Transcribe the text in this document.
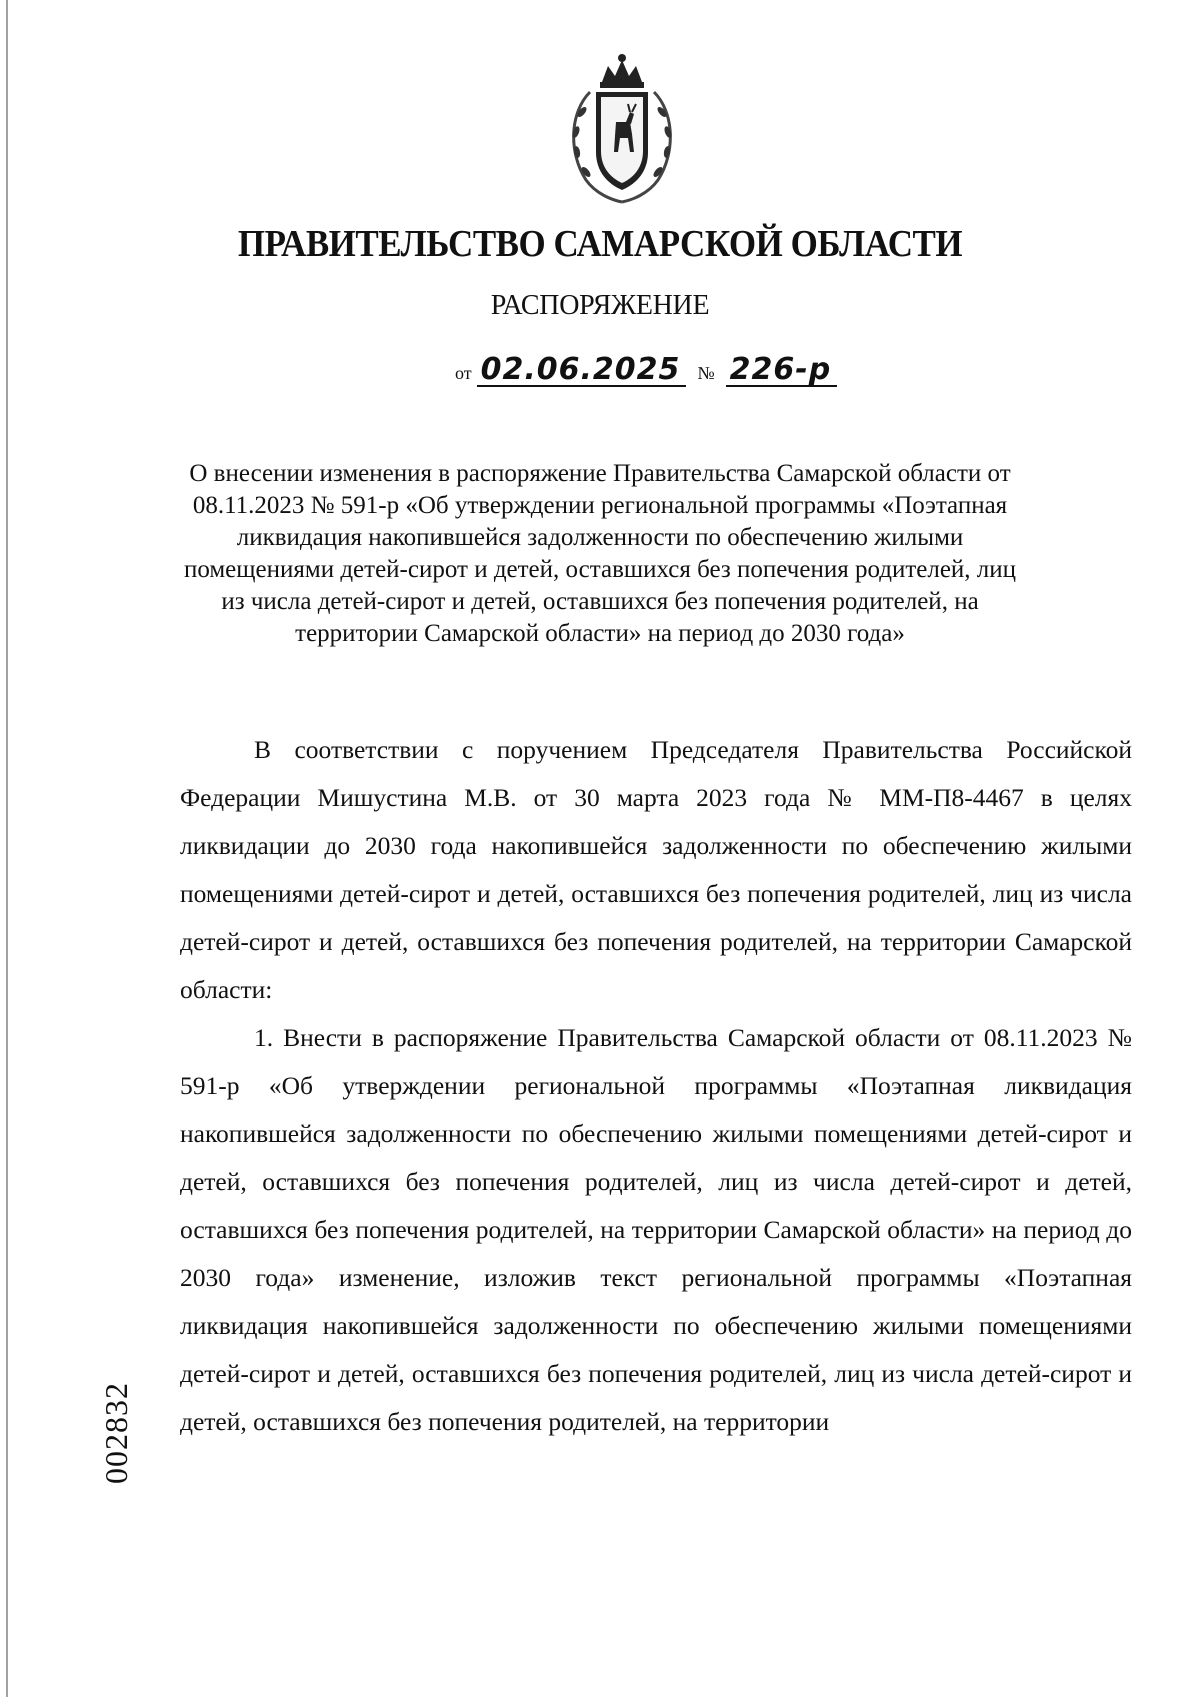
ПРАВИТЕЛЬСТВО САМАРСКОЙ ОБЛАСТИ
РАСПОРЯЖЕНИЕ
от 02.06.2025 № 226-р
О внесении изменения в распоряжение Правительства Самарской области от 08.11.2023 № 591-р «Об утверждении региональной программы «Поэтапная ликвидация накопившейся задолженности по обеспечению жилыми помещениями детей-сирот и детей, оставшихся без попечения родителей, лиц из числа детей-сирот и детей, оставшихся без попечения родителей, на территории Самарской области» на период до 2030 года»

В соответствии с поручением Председателя Правительства Российской Федерации Мишустина М.В. от 30 марта 2023 года № ММ-П8-4467 в целях ликвидации до 2030 года накопившейся задолженности по обеспечению жилыми помещениями детей-сирот и детей, оставшихся без попечения родителей, лиц из числа детей-сирот и детей, оставшихся без попечения родителей, на территории Самарской области:

1. Внести в распоряжение Правительства Самарской области от 08.11.2023 № 591-р «Об утверждении региональной программы «Поэтапная ликвидация накопившейся задолженности по обеспечению жилыми помещениями детей-сирот и детей, оставшихся без попечения родителей, лиц из числа детей-сирот и детей, оставшихся без попечения родителей, на территории Самарской области» на период до 2030 года» изменение, изложив текст региональной программы «Поэтапная ликвидация накопившейся задолженности по обеспечению жилыми помещениями детей-сирот и детей, оставшихся без попечения родителей, лиц из числа детей-сирот и детей, оставшихся без попечения родителей, на территории

002832
